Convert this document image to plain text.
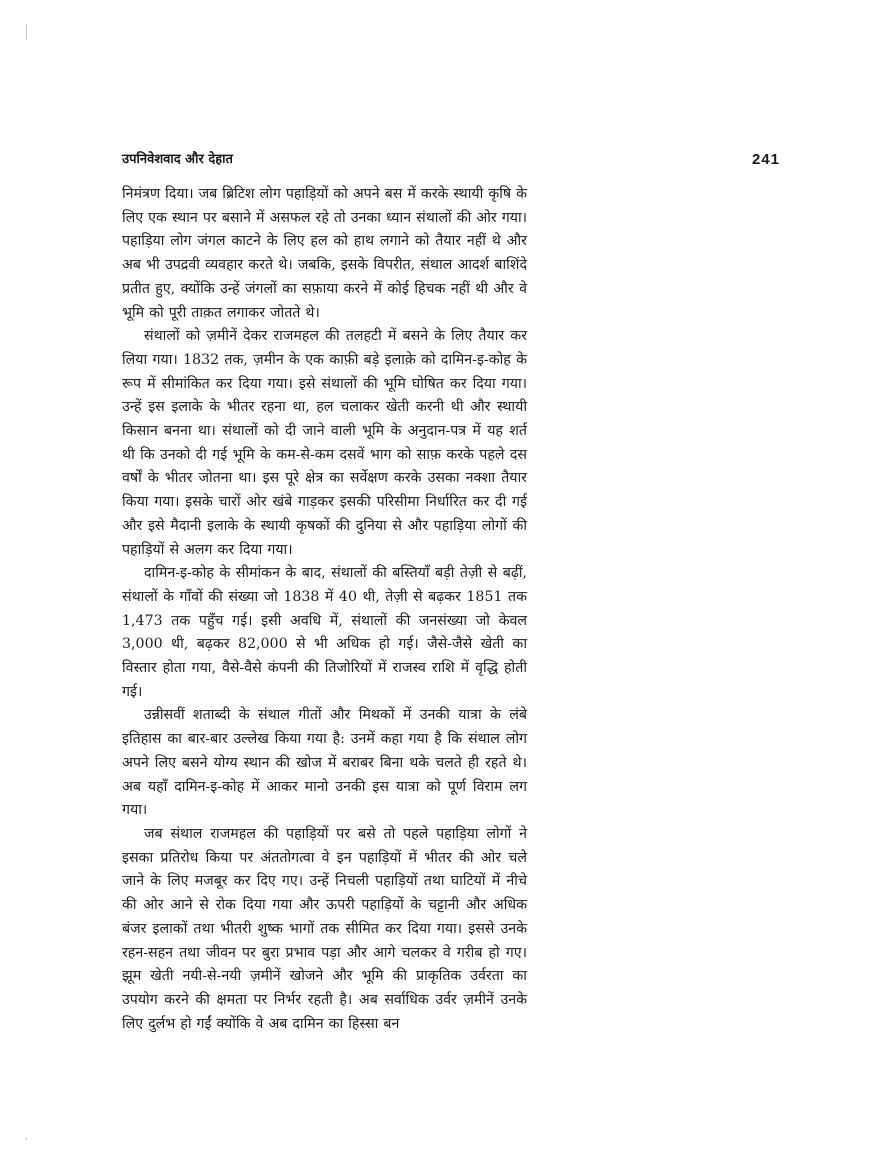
उपनिवेशवाद और देहात	241

निमंत्रण दिया। जब ब्रिटिश लोग पहाड़ियों को अपने बस में करके स्थायी कृषि के लिए एक स्थान पर बसाने में असफल रहे तो उनका ध्यान संथालों की ओर गया। पहाड़िया लोग जंगल काटने के लिए हल को हाथ लगाने को तैयार नहीं थे और अब भी उपद्रवी व्यवहार करते थे। जबकि, इसके विपरीत, संथाल आदर्श बाशिंदे प्रतीत हुए, क्योंकि उन्हें जंगलों का सफ़ाया करने में कोई हिचक नहीं थी और वे भूमि को पूरी ताक़त लगाकर जोतते थे।

संथालों को ज़मीनें देकर राजमहल की तलहटी में बसने के लिए तैयार कर लिया गया। 1832 तक, ज़मीन के एक काफ़ी बड़े इलाक़े को दामिन-इ-कोह के रूप में सीमांकित कर दिया गया। इसे संथालों की भूमि घोषित कर दिया गया। उन्हें इस इलाके के भीतर रहना था, हल चलाकर खेती करनी थी और स्थायी किसान बनना था। संथालों को दी जाने वाली भूमि के अनुदान-पत्र में यह शर्त थी कि उनको दी गई भूमि के कम-से-कम दसवें भाग को साफ़ करके पहले दस वर्षों के भीतर जोतना था। इस पूरे क्षेत्र का सर्वेक्षण करके उसका नक्शा तैयार किया गया। इसके चारों ओर खंबे गाड़कर इसकी परिसीमा निर्धारित कर दी गई और इसे मैदानी इलाके के स्थायी कृषकों की दुनिया से और पहाड़िया लोगों की पहाड़ियों से अलग कर दिया गया।

दामिन-इ-कोह के सीमांकन के बाद, संथालों की बस्तियाँ बड़ी तेज़ी से बढ़ीं, संथालों के गाँवों की संख्या जो 1838 में 40 थी, तेज़ी से बढ़कर 1851 तक 1,473 तक पहुँच गई। इसी अवधि में, संथालों की जनसंख्या जो केवल 3,000 थी, बढ़कर 82,000 से भी अधिक हो गई। जैसे-जैसे खेती का विस्तार होता गया, वैसे-वैसे कंपनी की तिजोरियों में राजस्व राशि में वृद्धि होती गई।

उन्नीसवीं शताब्दी के संथाल गीतों और मिथकों में उनकी यात्रा के लंबे इतिहास का बार-बार उल्लेख किया गया है: उनमें कहा गया है कि संथाल लोग अपने लिए बसने योग्य स्थान की खोज में बराबर बिना थके चलते ही रहते थे। अब यहाँ दामिन-इ-कोह में आकर मानो उनकी इस यात्रा को पूर्ण विराम लग गया।

जब संथाल राजमहल की पहाड़ियों पर बसे तो पहले पहाड़िया लोगों ने इसका प्रतिरोध किया पर अंततोगत्वा वे इन पहाड़ियों में भीतर की ओर चले जाने के लिए मजबूर कर दिए गए। उन्हें निचली पहाड़ियों तथा घाटियों में नीचे की ओर आने से रोक दिया गया और ऊपरी पहाड़ियों के चट्टानी और अधिक बंजर इलाकों तथा भीतरी शुष्क भागों तक सीमित कर दिया गया। इससे उनके रहन-सहन तथा जीवन पर बुरा प्रभाव पड़ा और आगे चलकर वे गरीब हो गए। झूम खेती नयी-से-नयी ज़मीनें खोजने और भूमि की प्राकृतिक उर्वरता का उपयोग करने की क्षमता पर निर्भर रहती है। अब सर्वाधिक उर्वर ज़मीनें उनके लिए दुर्लभ हो गईं क्योंकि वे अब दामिन का हिस्सा बन
